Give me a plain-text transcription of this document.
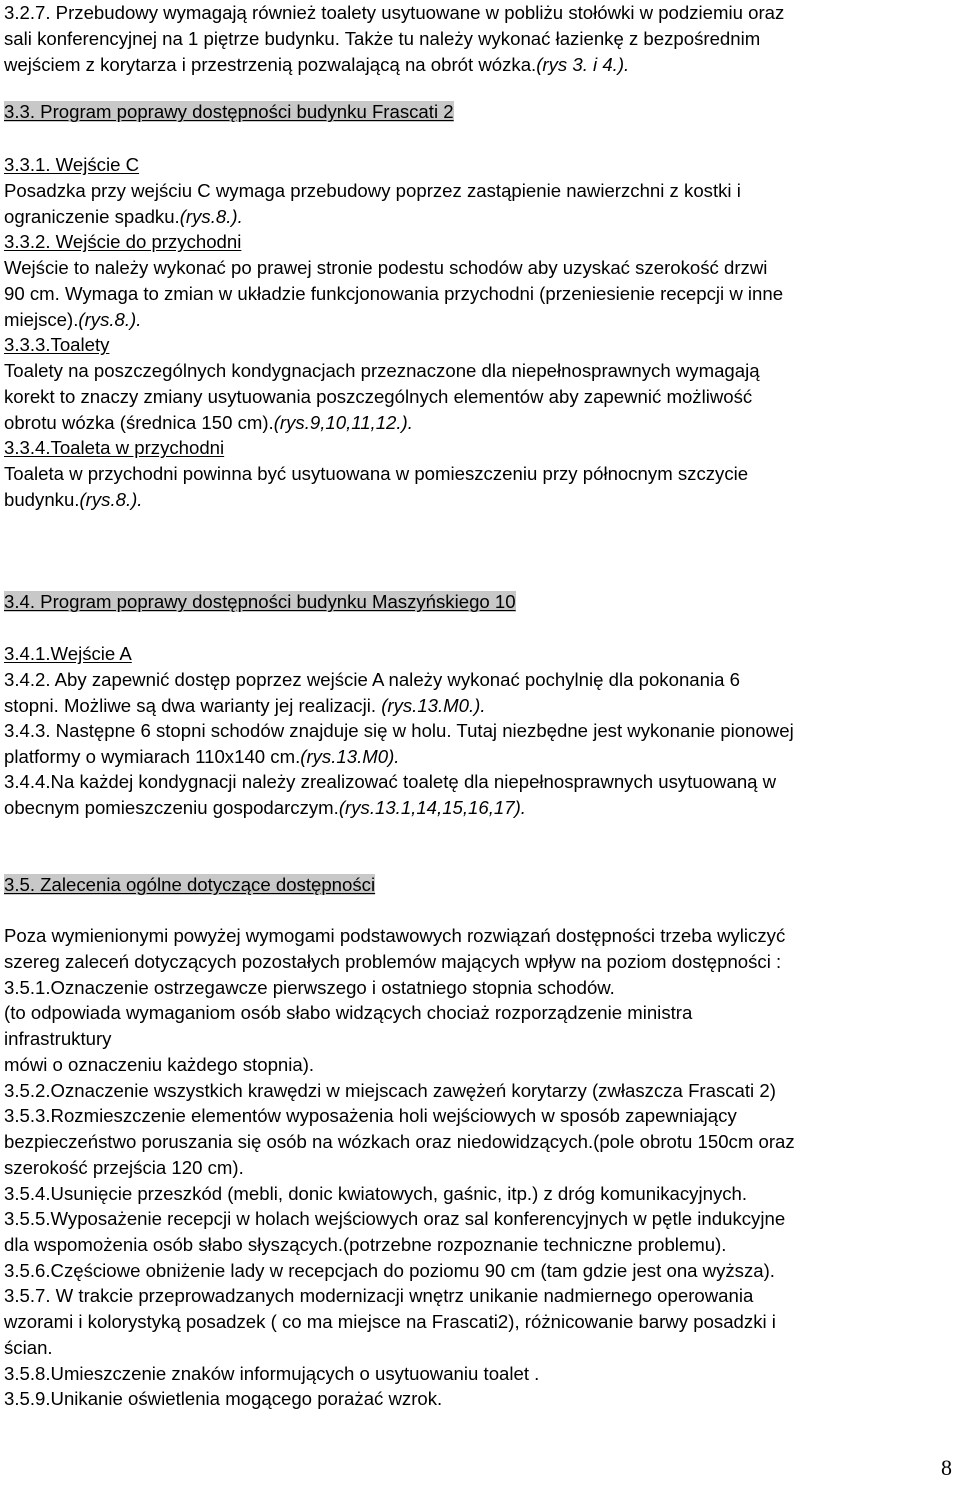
3.2.7. Przebudowy wymagają również toalety usytuowane w pobliżu stołówki w podziemiu oraz
sali konferencyjnej na 1 piętrze budynku. Także tu należy wykonać łazienkę z bezpośrednim
wejściem z korytarza i przestrzenią pozwalającą na obrót wózka.(rys 3. i 4.).
3.3. Program poprawy dostępności budynku Frascati 2
3.3.1. Wejście C
Posadzka przy wejściu C wymaga przebudowy poprzez zastąpienie nawierzchni z kostki i
ograniczenie spadku.(rys.8.).
3.3.2. Wejście do przychodni
Wejście to należy wykonać po prawej stronie podestu schodów aby uzyskać szerokość drzwi
90 cm. Wymaga to zmian w układzie funkcjonowania przychodni (przeniesienie recepcji w inne
miejsce).(rys.8.).
3.3.3.Toalety
Toalety na poszczególnych kondygnacjach przeznaczone dla niepełnosprawnych wymagają
korekt to znaczy zmiany usytuowania poszczególnych elementów aby zapewnić możliwość
obrotu wózka (średnica 150 cm).(rys.9,10,11,12.).
3.3.4.Toaleta w przychodni
Toaleta w przychodni powinna być usytuowana w pomieszczeniu przy północnym szczycie
budynku.(rys.8.).
3.4. Program poprawy dostępności budynku Maszyńskiego 10
3.4.1.Wejście A
3.4.2. Aby zapewnić dostęp poprzez wejście A należy wykonać pochylnię dla pokonania 6
stopni. Możliwe są dwa warianty jej realizacji. (rys.13.M0.).
3.4.3. Następne 6 stopni schodów znajduje się w holu. Tutaj niezbędne jest wykonanie pionowej
platformy o wymiarach 110x140 cm.(rys.13.M0).
3.4.4.Na każdej kondygnacji należy zrealizować toaletę dla niepełnosprawnych usytuowaną w
obecnym pomieszczeniu gospodarczym.(rys.13.1,14,15,16,17).
3.5. Zalecenia ogólne dotyczące dostępności
Poza wymienionymi powyżej wymogami podstawowych rozwiązań dostępności trzeba wyliczyć
szereg zaleceń dotyczących pozostałych problemów mających wpływ na poziom dostępności :
3.5.1.Oznaczenie ostrzegawcze pierwszego i ostatniego stopnia schodów.
(to odpowiada wymaganiom osób słabo widzących chociaż rozporządzenie ministra
infrastruktury
mówi o oznaczeniu każdego stopnia).
3.5.2.Oznaczenie wszystkich krawędzi w miejscach zawężeń korytarzy (zwłaszcza Frascati 2)
3.5.3.Rozmieszczenie elementów wyposażenia holi wejściowych w sposób zapewniający
bezpieczeństwo poruszania się osób na wózkach oraz niedowidzących.(pole obrotu 150cm oraz
szerokość przejścia 120 cm).
3.5.4.Usunięcie przeszkód (mebli, donic kwiatowych, gaśnic, itp.) z dróg komunikacyjnych.
3.5.5.Wyposażenie recepcji w holach wejściowych oraz sal konferencyjnych w pętle indukcyjne
dla wspomożenia osób słabo słyszących.(potrzebne rozpoznanie techniczne problemu).
3.5.6.Częściowe obniżenie lady w recepcjach do poziomu 90 cm (tam gdzie jest ona wyższa).
3.5.7. W trakcie przeprowadzanych modernizacji wnętrz unikanie nadmiernego operowania
wzorami i kolorystyką posadzek ( co ma miejsce na Frascati2), różnicowanie barwy posadzki i
ścian.
3.5.8.Umieszczenie znaków informujących o usytuowaniu toalet .
3.5.9.Unikanie oświetlenia mogącego porażać wzrok.
8
